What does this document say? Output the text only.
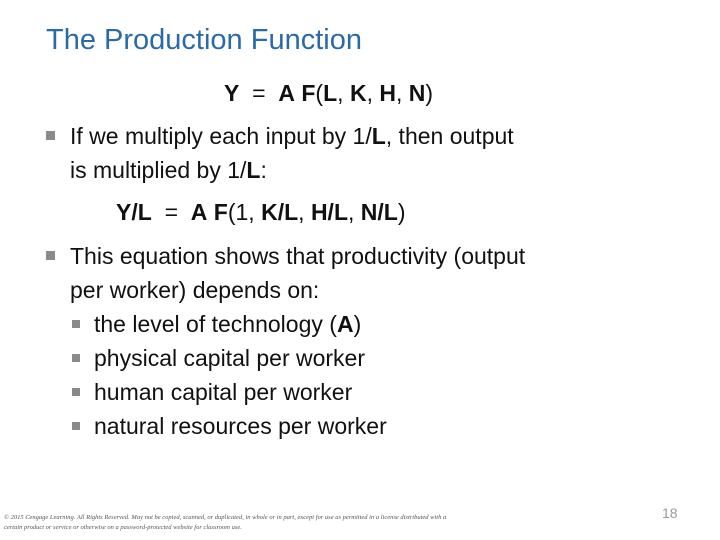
The Production Function
Y = A F(L, K, H, N)
If we multiply each input by 1/L, then output is multiplied by 1/L:
Y/L = A F(1, K/L, H/L, N/L)
This equation shows that productivity (output per worker) depends on:
the level of technology (A)
physical capital per worker
human capital per worker
natural resources per worker
© 2015 Cengage Learning. All Rights Reserved. May not be copied, scanned, or duplicated, in whole or in part, except for use as permitted in a license distributed with a certain product or service or otherwise on a password-protected website for classroom use.
18
